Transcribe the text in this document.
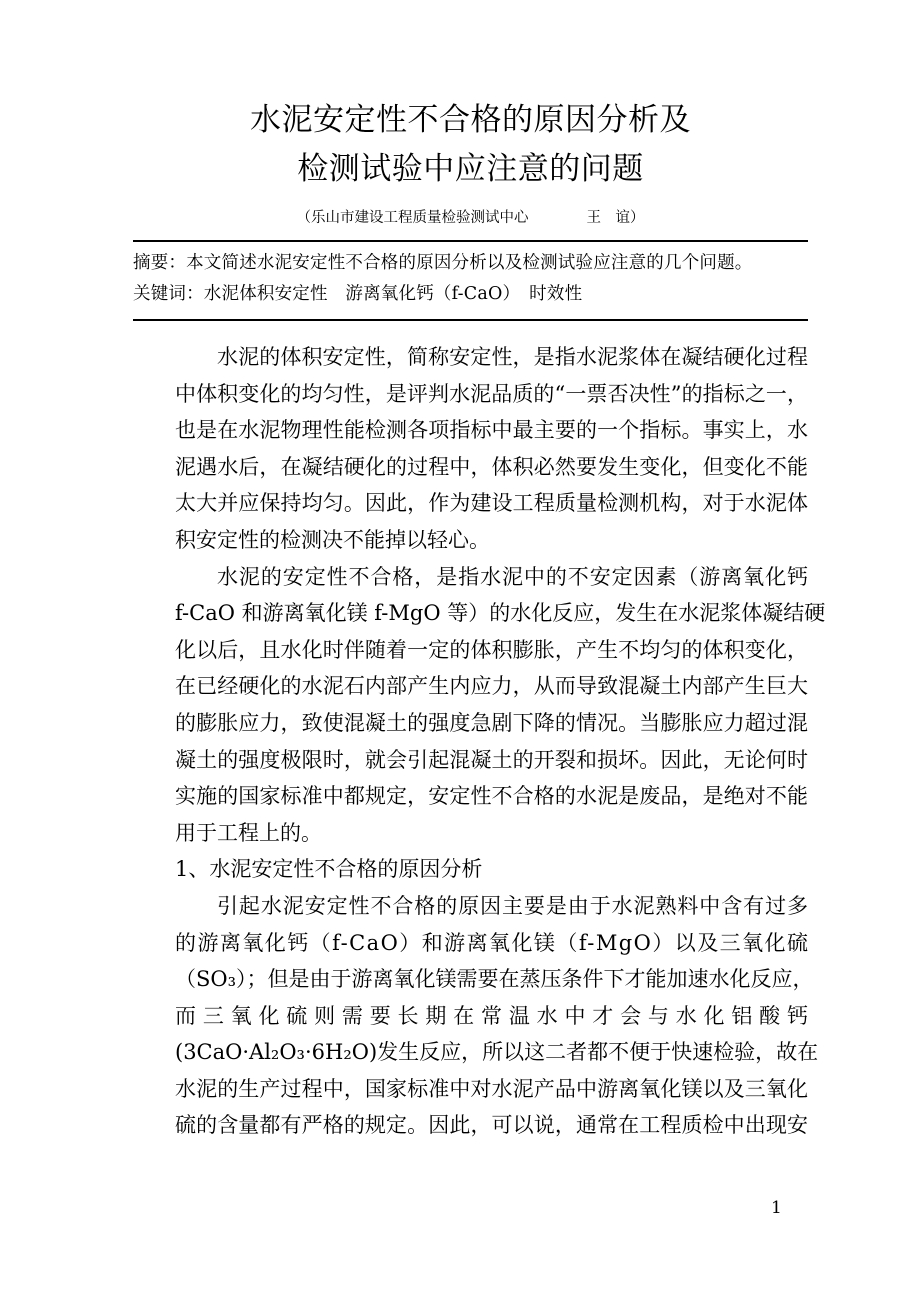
水泥安定性不合格的原因分析及
检测试验中应注意的问题
（乐山市建设工程质量检验测试中心　　　　王　谊）

摘要：本文简述水泥安定性不合格的原因分析以及检测试验应注意的几个问题。

关键词：水泥体积安定性　游离氧化钙（f-CaO）　时效性

水泥的体积安定性，简称安定性，是指水泥浆体在凝结硬化过程
中体积变化的均匀性，是评判水泥品质的“一票否决性”的指标之一，
也是在水泥物理性能检测各项指标中最主要的一个指标。事实上，水
泥遇水后，在凝结硬化的过程中，体积必然要发生变化，但变化不能
太大并应保持均匀。因此，作为建设工程质量检测机构，对于水泥体
积安定性的检测决不能掉以轻心。

水泥的安定性不合格，是指水泥中的不安定因素（游离氧化钙
f-CaO 和游离氧化镁 f-MgO 等）的水化反应，发生在水泥浆体凝结硬
化以后，且水化时伴随着一定的体积膨胀，产生不均匀的体积变化，
在已经硬化的水泥石内部产生内应力，从而导致混凝土内部产生巨大
的膨胀应力，致使混凝土的强度急剧下降的情况。当膨胀应力超过混
凝土的强度极限时，就会引起混凝土的开裂和损坏。因此，无论何时
实施的国家标准中都规定，安定性不合格的水泥是废品，是绝对不能
用于工程上的。

1、水泥安定性不合格的原因分析

引起水泥安定性不合格的原因主要是由于水泥熟料中含有过多
的游离氧化钙（f-CaO）和游离氧化镁（f-MgO）以及三氧化硫
（SO₃）；但是由于游离氧化镁需要在蒸压条件下才能加速水化反应，
而三氧化硫则需要长期在常温水中才会与水化铝酸钙
(3CaO·Al₂O₃·6H₂O)发生反应，所以这二者都不便于快速检验，故在
水泥的生产过程中，国家标准中对水泥产品中游离氧化镁以及三氧化
硫的含量都有严格的规定。因此，可以说，通常在工程质检中出现安

1
